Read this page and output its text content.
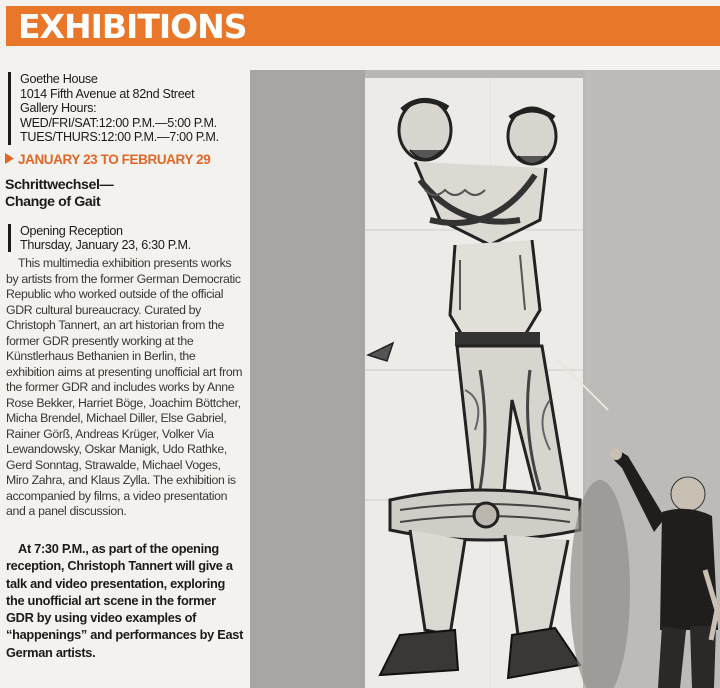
EXHIBITIONS
Goethe House
1014 Fifth Avenue at 82nd Street
Gallery Hours:
WED/FRI/SAT:12:00 P.M.—5:00 P.M.
TUES/THURS:12:00 P.M.—7:00 P.M.
JANUARY 23 TO FEBRUARY 29
Schrittwechsel—
Change of Gait
Opening Reception
Thursday, January 23, 6:30 P.M.

This multimedia exhibition presents works by artists from the former German Democratic Republic who worked outside of the official GDR cultural bureaucracy. Curated by Christoph Tannert, an art historian from the former GDR presently working at the Künstlerhaus Bethanien in Berlin, the exhibition aims at presenting unofficial art from the former GDR and includes works by Anne Rose Bekker, Harriet Böge, Joachim Böttcher, Micha Brendel, Michael Diller, Else Gabriel, Rainer Görß, Andreas Krüger, Volker Via Lewandowsky, Oskar Manigk, Udo Rathke, Gerd Sonntag, Strawalde, Michael Voges, Miro Zahra, and Klaus Zylla. The exhibition is accompanied by films, a video presentation and a panel discussion.

At 7:30 P.M., as part of the opening reception, Christoph Tannert will give a talk and video presentation, exploring the unofficial art scene in the former GDR by using video examples of “happenings” and performances by East German artists.
